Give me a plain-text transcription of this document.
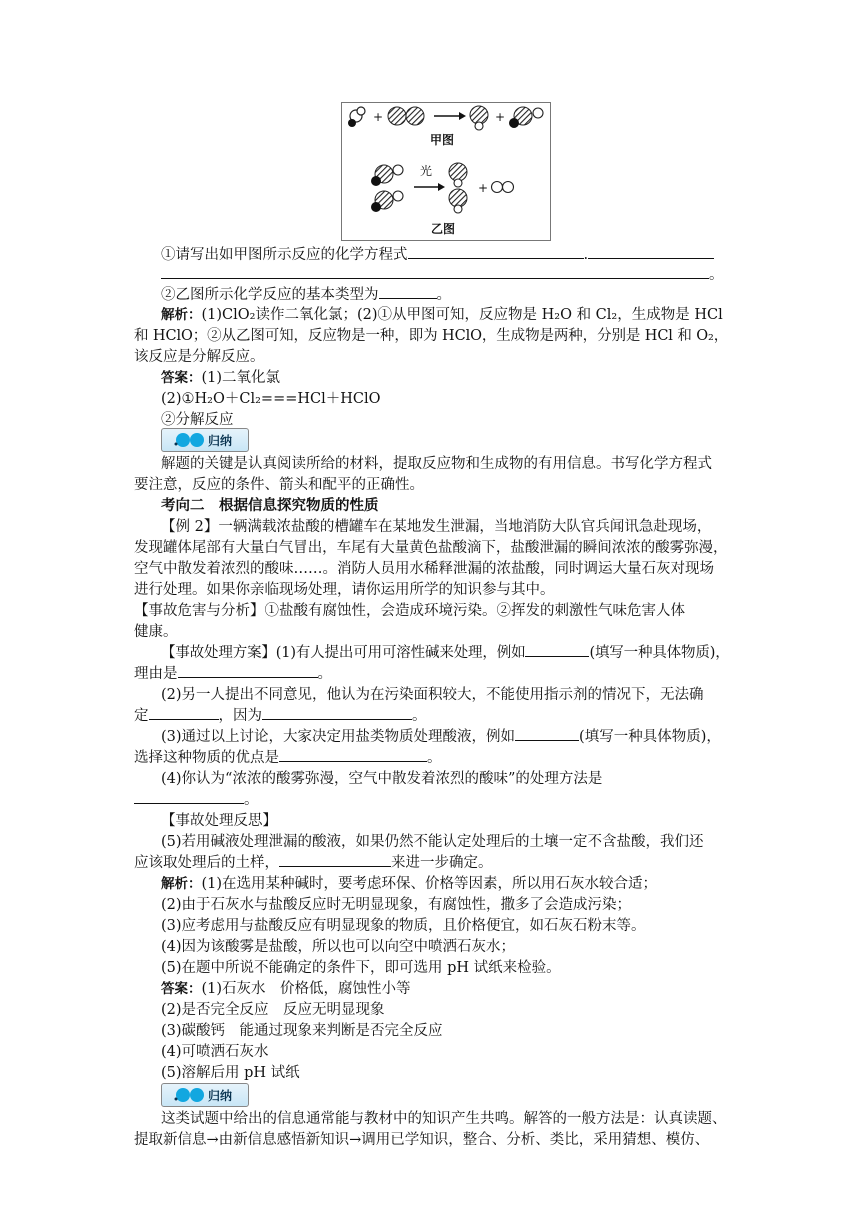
+	+
甲图
光
+
乙图
①请写出如甲图所示反应的化学方程式	.
。
②乙图所示化学反应的基本类型为	。
解析：(1)ClO₂读作二氧化氯；(2)①从甲图可知，反应物是 H₂O 和 Cl₂，生成物是 HCl
和 HClO；②从乙图可知，反应物是一种，即为 HClO，生成物是两种，分别是 HCl 和 O₂，
该反应是分解反应。
答案：(1)二氧化氯
(2)①H₂O＋Cl₂===HCl＋HClO
②分解反应
归纳
解题的关键是认真阅读所给的材料，提取反应物和生成物的有用信息。书写化学方程式
要注意，反应的条件、箭头和配平的正确性。
考向二　根据信息探究物质的性质
【例 2】一辆满载浓盐酸的槽罐车在某地发生泄漏，当地消防大队官兵闻讯急赴现场，
发现罐体尾部有大量白气冒出，车尾有大量黄色盐酸滴下，盐酸泄漏的瞬间浓浓的酸雾弥漫，
空气中散发着浓烈的酸味……。消防人员用水稀释泄漏的浓盐酸，同时调运大量石灰对现场
进行处理。如果你亲临现场处理，请你运用所学的知识参与其中。
【事故危害与分析】①盐酸有腐蚀性，会造成环境污染。②挥发的刺激性气味危害人体
健康。
【事故处理方案】(1)有人提出可用可溶性碱来处理，例如	(填写一种具体物质)，
理由是	。
(2)另一人提出不同意见，他认为在污染面积较大，不能使用指示剂的情况下，无法确
定	，因为	。
(3)通过以上讨论，大家决定用盐类物质处理酸液，例如	(填写一种具体物质)，
选择这种物质的优点是	。
(4)你认为“浓浓的酸雾弥漫，空气中散发着浓烈的酸味”的处理方法是
。
【事故处理反思】
(5)若用碱液处理泄漏的酸液，如果仍然不能认定处理后的土壤一定不含盐酸，我们还
应该取处理后的土样，	来进一步确定。
解析：(1)在选用某种碱时，要考虑环保、价格等因素，所以用石灰水较合适；
(2)由于石灰水与盐酸反应时无明显现象，有腐蚀性，撒多了会造成污染；
(3)应考虑用与盐酸反应有明显现象的物质，且价格便宜，如石灰石粉末等。
(4)因为该酸雾是盐酸，所以也可以向空中喷洒石灰水；
(5)在题中所说不能确定的条件下，即可选用 pH 试纸来检验。
答案：(1)石灰水　价格低，腐蚀性小等
(2)是否完全反应　反应无明显现象
(3)碳酸钙　能通过现象来判断是否完全反应
(4)可喷洒石灰水
(5)溶解后用 pH 试纸
归纳
这类试题中给出的信息通常能与教材中的知识产生共鸣。解答的一般方法是：认真读题、
提取新信息→由新信息感悟新知识→调用已学知识，整合、分析、类比，采用猜想、模仿、
